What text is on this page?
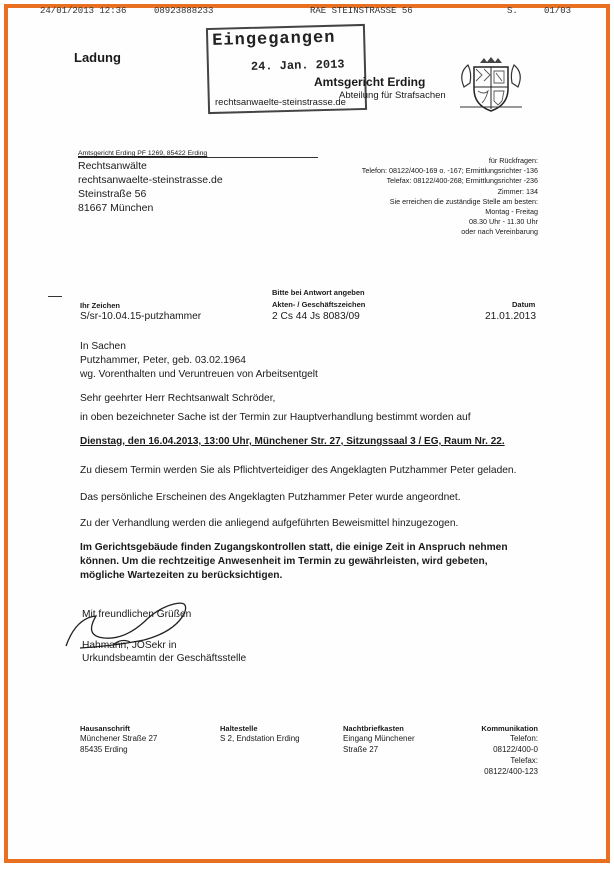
24/01/2013 12:36	08923888233	RAE STEINSTRASSE 56	S.	01/03
Ladung
Eingegangen
24. Jan. 2013
rechtsanwaelte-steinstrasse.de
Amtsgericht Erding
Abteilung für Strafsachen
Amtsgericht Erding PF 1269, 85422 Erding
Rechtsanwälte
rechtsanwaelte-steinstrasse.de
Steinstraße 56
81667 München
für Rückfragen:
Telefon: 08122/400-169 o. -167; Ermittlungsrichter -136
Telefax: 08122/400-268; Ermittlungsrichter -236
Zimmer: 134
Sie erreichen die zuständige Stelle am besten:
Montag - Freitag
08.30 Uhr - 11.30 Uhr
oder nach Vereinbarung
Ihr Zeichen
S/sr-10.04.15-putzhammer
Bitte bei Antwort angeben
Akten- / Geschäftszeichen
2 Cs 44 Js 8083/09
Datum
21.01.2013
In Sachen
Putzhammer, Peter, geb. 03.02.1964
wg. Vorenthalten und Veruntreuen von Arbeitsentgelt
Sehr geehrter Herr Rechtsanwalt Schröder,
in oben bezeichneter Sache ist der Termin zur Hauptverhandlung bestimmt worden auf
Dienstag, den 16.04.2013, 13:00 Uhr, Münchener Str. 27, Sitzungssaal 3 / EG, Raum Nr. 22.
Zu diesem Termin werden Sie als Pflichtverteidiger des Angeklagten Putzhammer Peter geladen.
Das persönliche Erscheinen des Angeklagten Putzhammer Peter wurde angeordnet.
Zu der Verhandlung werden die anliegend aufgeführten Beweismittel hinzugezogen.
Im Gerichtsgebäude finden Zugangskontrollen statt, die einige Zeit in Anspruch nehmen
können. Um die rechtzeitige Anwesenheit im Termin zu gewährleisten, wird gebeten,
mögliche Wartezeiten zu berücksichtigen.
Mit freundlichen Grüßen
Hahmann, JOSekr in
Urkundsbeamtin der Geschäftsstelle
Hausanschrift
Münchener Straße 27
85435 Erding
Haltestelle
S 2, Endstation Erding
Nachtbriefkasten
Eingang Münchener
Straße 27
Kommunikation
Telefon:
08122/400-0
Telefax:
08122/400-123
